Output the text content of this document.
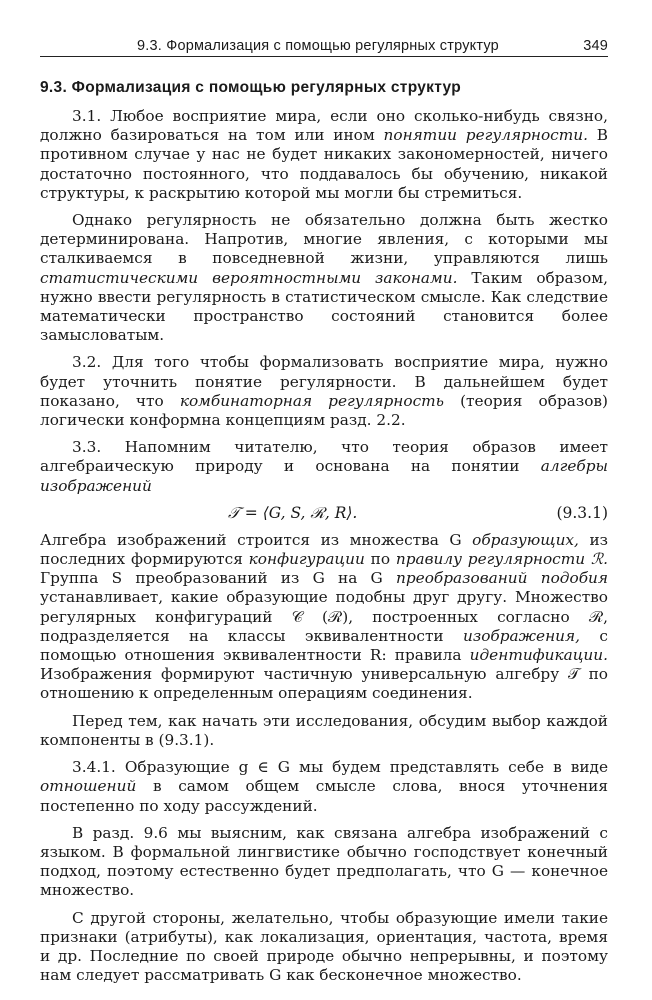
9.3. Формализация с помощью регулярных структур	349
9.3. Формализация с помощью регулярных структур

3.1. Любое восприятие мира, если оно сколько-нибудь связно, должно базироваться на том или ином понятии регулярности. В противном случае у нас не будет никаких закономерностей, ничего достаточно постоянного, что поддавалось бы обучению, никакой структуры, к раскрытию которой мы могли бы стремиться.

Однако регулярность не обязательно должна быть жестко детерминирована. Напротив, многие явления, с которыми мы сталкиваемся в повседневной жизни, управляются лишь статистическими вероятностными законами. Таким образом, нужно ввести регулярность в статистическом смысле. Как следствие математически пространство состояний становится более замысловатым.

3.2. Для того чтобы формализовать восприятие мира, нужно будет уточнить понятие регулярности. В дальнейшем будет показано, что комбинаторная регулярность (теория образов) логически конформна концепциям разд. 2.2.

3.3. Напомним читателю, что теория образов имеет алгебраическую природу и основана на понятии алгебры изображений

𝒯 = ⟨G, S, ℛ, R⟩.	(9.3.1)

Алгебра изображений строится из множества G образующих, из последних формируются конфигурации по правилу регулярности ℛ. Группа S преобразований из G на G преобразований подобия устанавливает, какие образующие подобны друг другу. Множество регулярных конфигураций 𝒞 (ℛ), построенных согласно ℛ, подразделяется на классы эквивалентности изображения, с помощью отношения эквивалентности R: правила идентификации. Изображения формируют частичную универсальную алгебру 𝒯 по отношению к определенным операциям соединения.

Перед тем, как начать эти исследования, обсудим выбор каждой компоненты в (9.3.1).

3.4.1. Образующие g ∈ G мы будем представлять себе в виде отношений в самом общем смысле слова, внося уточнения постепенно по ходу рассуждений.

В разд. 9.6 мы выясним, как связана алгебра изображений с языком. В формальной лингвистике обычно господствует конечный подход, поэтому естественно будет предполагать, что G — конечное множество.

С другой стороны, желательно, чтобы образующие имели такие признаки (атрибуты), как локализация, ориентация, частота, время и др. Последние по своей природе обычно непрерывны, и поэтому нам следует рассматривать G как бесконечное множество.
